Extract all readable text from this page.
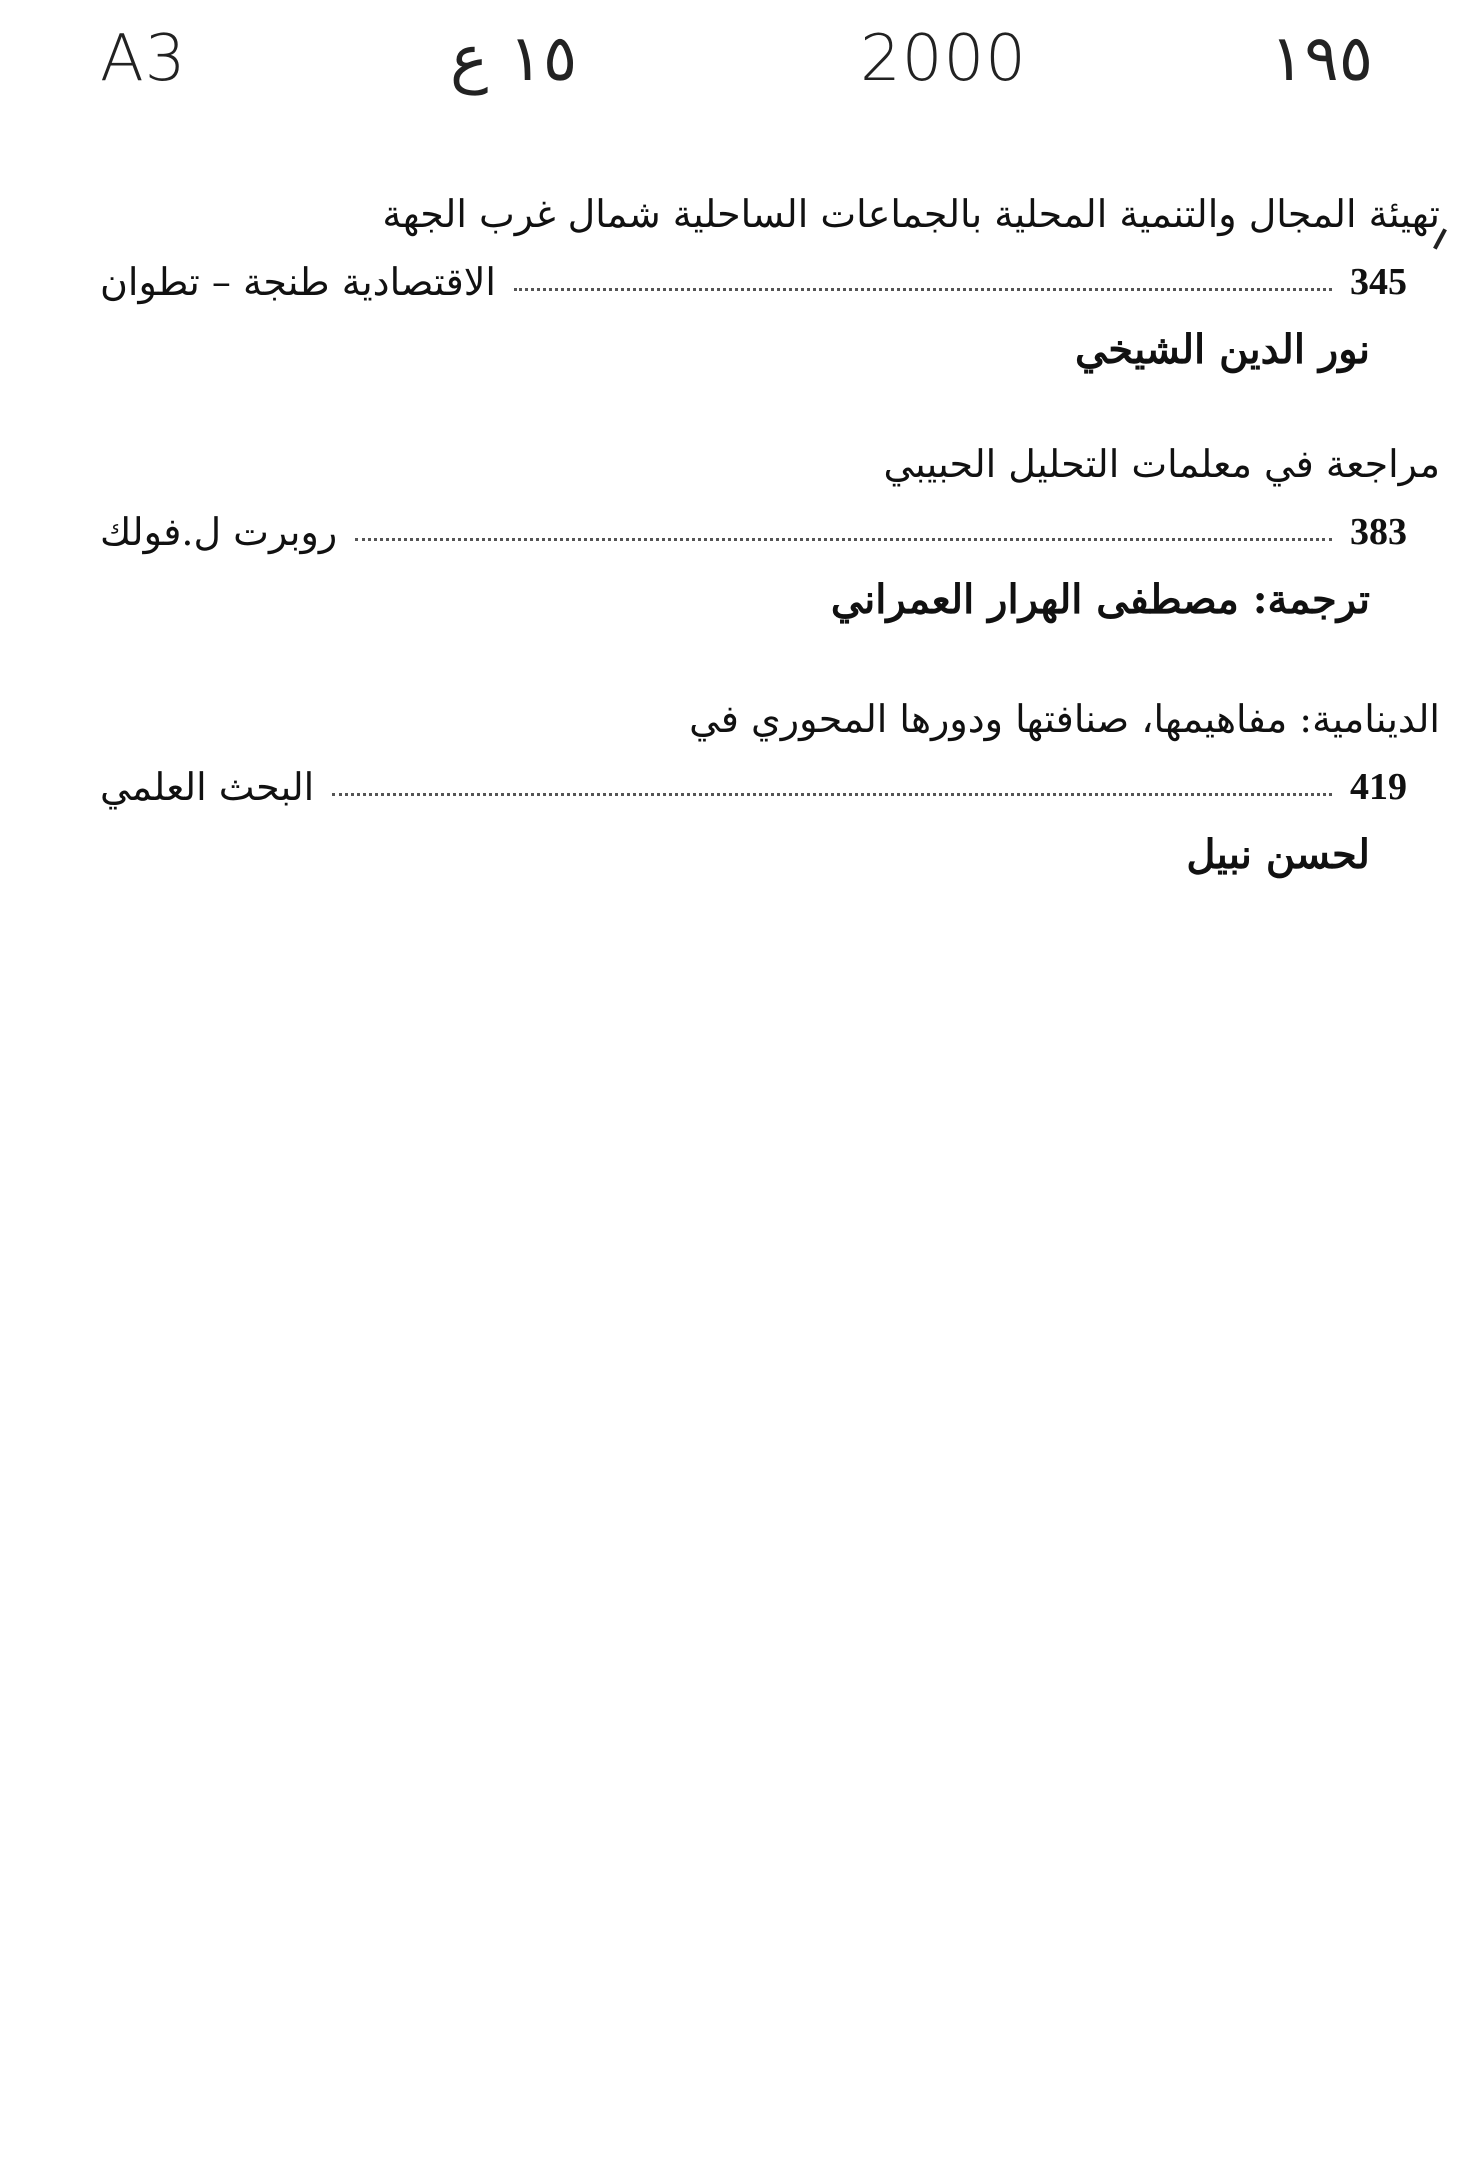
A3	١٥ ع	2000	١٩٥
تهيئة المجال والتنمية المحلية بالجماعات الساحلية شمال غرب الجهة
الاقتصادية طنجة – تطوان	345
نور الدين الشيخي
مراجعة في معلمات التحليل الحبيبي
روبرت ل.فولك	383
ترجمة: مصطفى الهرار العمراني
الدينامية: مفاهيمها، صنافتها ودورها المحوري في
البحث العلمي	419
لحسن نبيل
